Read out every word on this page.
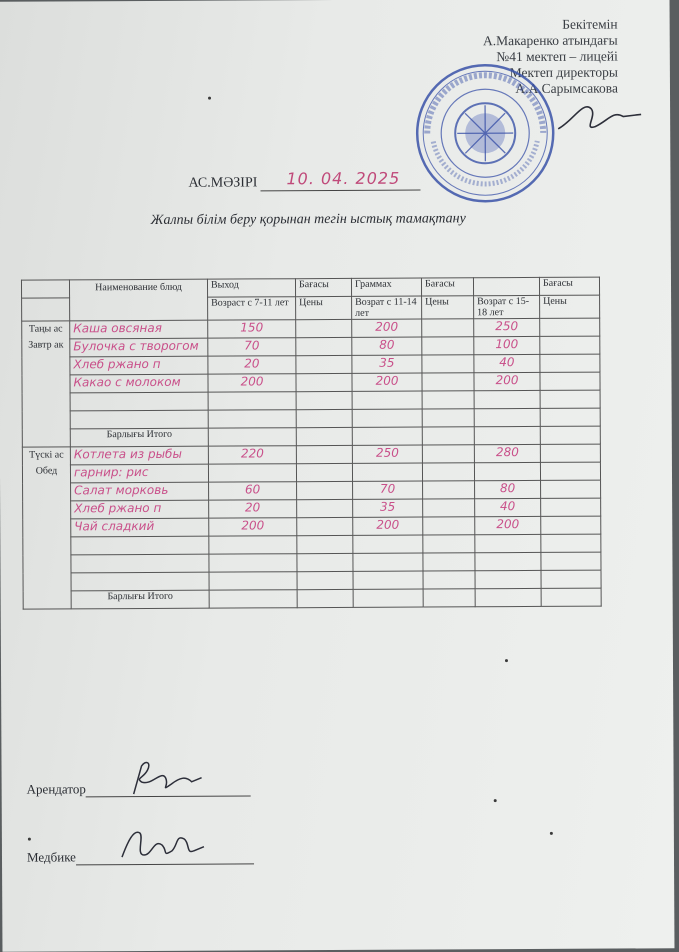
Бекітемін
А.Макаренко атындағы
№41 мектеп – лицейі
Мектеп директоры
А.А.Сарымсакова
АС.МӘЗІРІ	10. 04. 2025
Жалпы білім беру қорынан тегін ыстық тамақтану
	Наименование блюд	Выход	Бағасы	Граммах	Бағасы		Бағасы
		Возраст с 7-11 лет	Цены	Возрат с 11-14 лет	Цены	Возрат с 15-18 лет	Цены
Таңы ас Завтр ак	Каша овсяная	150		200		250	

	Булочка с творогом	70		80		100	

	Хлеб ржано п	20		35		40	

	Какао с молоком	200		200		200	

	Барлығы Итого						
Түскі ас Обед	Котлета из рыбы	220		250		280	

	гарнир: рис	

	Салат морковь	60		70		80	

	Хлеб ржано п	20		35		40	

	Чай сладкий	200		200		200	

	Барлығы Итого						
Арендатор
Медбике
